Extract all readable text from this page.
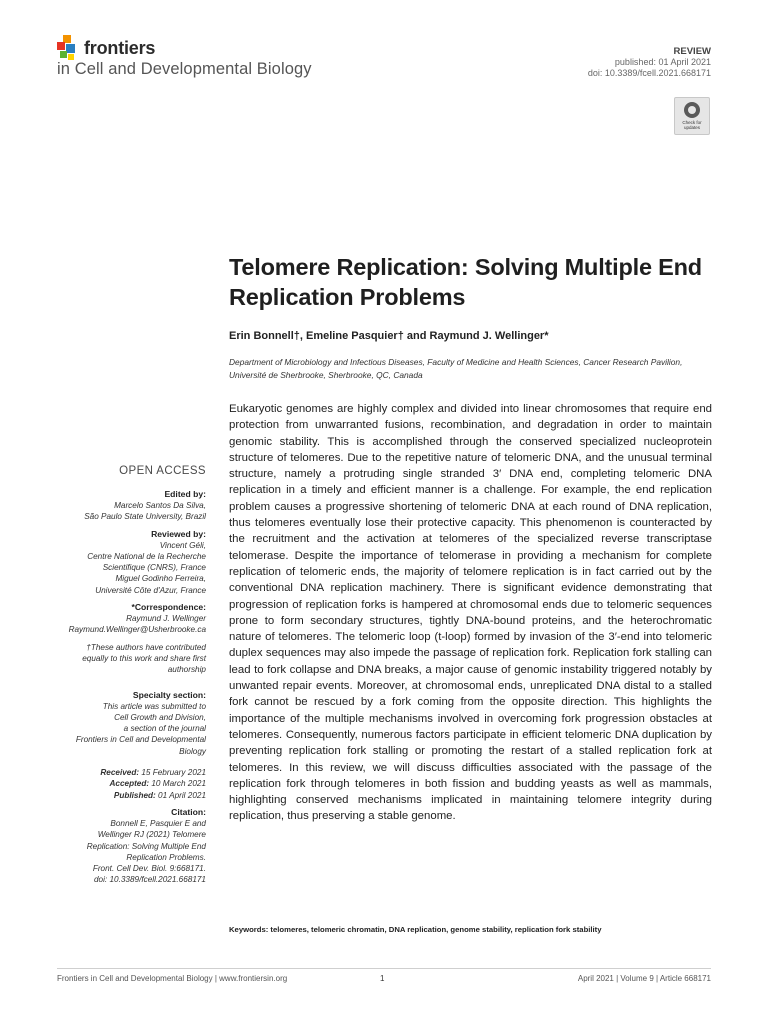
frontiers
in Cell and Developmental Biology
REVIEW
published: 01 April 2021
doi: 10.3389/fcell.2021.668171
Check for updates
Telomere Replication: Solving Multiple End Replication Problems
Erin Bonnell†, Emeline Pasquier† and Raymund J. Wellinger*
Department of Microbiology and Infectious Diseases, Faculty of Medicine and Health Sciences, Cancer Research Pavilion, Université de Sherbrooke, Sherbrooke, QC, Canada
Eukaryotic genomes are highly complex and divided into linear chromosomes that require end protection from unwarranted fusions, recombination, and degradation in order to maintain genomic stability. This is accomplished through the conserved specialized nucleoprotein structure of telomeres. Due to the repetitive nature of telomeric DNA, and the unusual terminal structure, namely a protruding single stranded 3′ DNA end, completing telomeric DNA replication in a timely and efficient manner is a challenge. For example, the end replication problem causes a progressive shortening of telomeric DNA at each round of DNA replication, thus telomeres eventually lose their protective capacity. This phenomenon is counteracted by the recruitment and the activation at telomeres of the specialized reverse transcriptase telomerase. Despite the importance of telomerase in providing a mechanism for complete replication of telomeric ends, the majority of telomere replication is in fact carried out by the conventional DNA replication machinery. There is significant evidence demonstrating that progression of replication forks is hampered at chromosomal ends due to telomeric sequences prone to form secondary structures, tightly DNA-bound proteins, and the heterochromatic nature of telomeres. The telomeric loop (t-loop) formed by invasion of the 3′-end into telomeric duplex sequences may also impede the passage of replication fork. Replication fork stalling can lead to fork collapse and DNA breaks, a major cause of genomic instability triggered notably by unwanted repair events. Moreover, at chromosomal ends, unreplicated DNA distal to a stalled fork cannot be rescued by a fork coming from the opposite direction. This highlights the importance of the multiple mechanisms involved in overcoming fork progression obstacles at telomeres. Consequently, numerous factors participate in efficient telomeric DNA duplication by preventing replication fork stalling or promoting the restart of a stalled replication fork at telomeres. In this review, we will discuss difficulties associated with the passage of the replication fork through telomeres in both fission and budding yeasts as well as mammals, highlighting conserved mechanisms implicated in maintaining telomere integrity during replication, thus preserving a stable genome.
Keywords: telomeres, telomeric chromatin, DNA replication, genome stability, replication fork stability
OPEN ACCESS
Edited by:
Marcelo Santos Da Silva,
São Paulo State University, Brazil
Reviewed by:
Vincent Géli,
Centre National de la Recherche
Scientifique (CNRS), France
Miguel Godinho Ferreira,
Université Côte d'Azur, France
*Correspondence:
Raymund J. Wellinger
Raymund.Wellinger@Usherbrooke.ca
†These authors have contributed
equally to this work and share first
authorship
Specialty section:
This article was submitted to
Cell Growth and Division,
a section of the journal
Frontiers in Cell and Developmental
Biology
Received: 15 February 2021
Accepted: 10 March 2021
Published: 01 April 2021
Citation:
Bonnell E, Pasquier E and
Wellinger RJ (2021) Telomere
Replication: Solving Multiple End
Replication Problems.
Front. Cell Dev. Biol. 9:668171.
doi: 10.3389/fcell.2021.668171
Frontiers in Cell and Developmental Biology | www.frontiersin.org	1	April 2021 | Volume 9 | Article 668171
